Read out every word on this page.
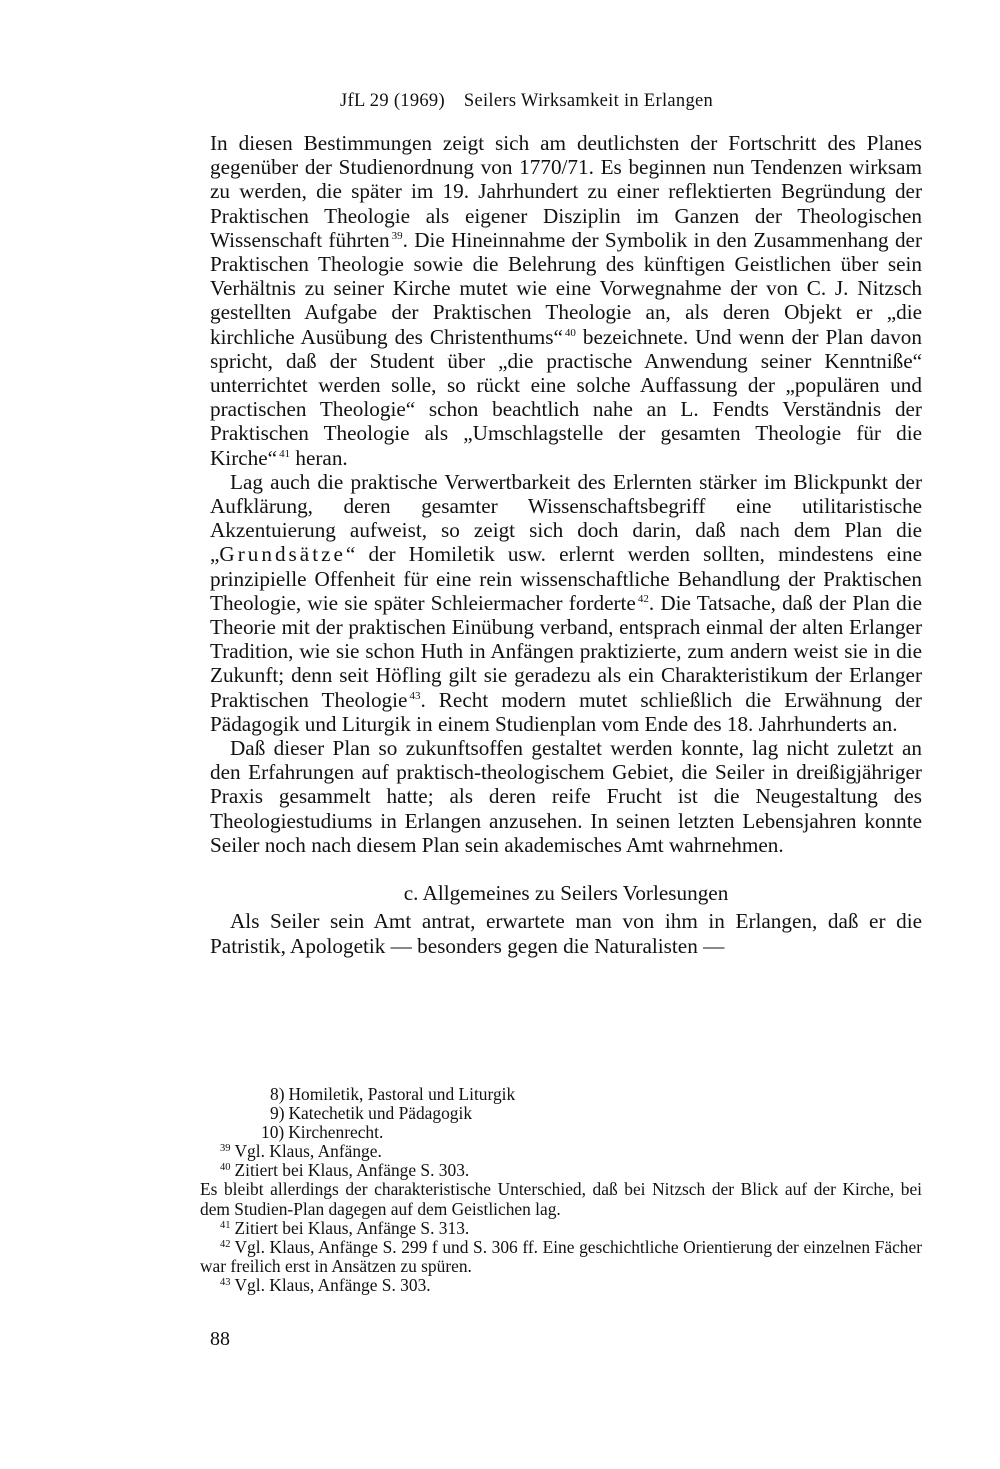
JfL 29 (1969) Seilers Wirksamkeit in Erlangen

In diesen Bestimmungen zeigt sich am deutlichsten der Fortschritt des Planes gegenüber der Studienordnung von 1770/71. Es beginnen nun Tendenzen wirksam zu werden, die später im 19. Jahrhundert zu einer reflektierten Begründung der Praktischen Theologie als eigener Disziplin im Ganzen der Theologischen Wissenschaft führten $^{39}$. Die Hineinnahme der Symbolik in den Zusammenhang der Praktischen Theologie sowie die Belehrung des künftigen Geistlichen über sein Verhältnis zu seiner Kirche mutet wie eine Vorwegnahme der von C. J. Nitzsch gestellten Aufgabe der Praktischen Theologie an, als deren Objekt er „die kirchliche Ausübung des Christenthums“ $^{40}$ bezeichnete. Und wenn der Plan davon spricht, daß der Student über „die practische Anwendung seiner Kenntniße“ unterrichtet werden solle, so rückt eine solche Auffassung der „populären und practischen Theologie“ schon beachtlich nahe an L. Fendts Verständnis der Praktischen Theologie als „Umschlagstelle der gesamten Theologie für die Kirche“ $^{41}$ heran.

Lag auch die praktische Verwertbarkeit des Erlernten stärker im Blickpunkt der Aufklärung, deren gesamter Wissenschaftsbegriff eine utilitaristische Akzentuierung aufweist, so zeigt sich doch darin, daß nach dem Plan die „Grundsätze“ der Homiletik usw. erlernt werden sollten, mindestens eine prinzipielle Offenheit für eine rein wissenschaftliche Behandlung der Praktischen Theologie, wie sie später Schleiermacher forderte $^{42}$. Die Tatsache, daß der Plan die Theorie mit der praktischen Einübung verband, entsprach einmal der alten Erlanger Tradition, wie sie schon Huth in Anfängen praktizierte, zum andern weist sie in die Zukunft; denn seit Höfling gilt sie geradezu als ein Charakteristikum der Erlanger Praktischen Theologie $^{43}$. Recht modern mutet schließlich die Erwähnung der Pädagogik und Liturgik in einem Studienplan vom Ende des 18. Jahrhunderts an.

Daß dieser Plan so zukunftsoffen gestaltet werden konnte, lag nicht zuletzt an den Erfahrungen auf praktisch-theologischem Gebiet, die Seiler in dreißigjähriger Praxis gesammelt hatte; als deren reife Frucht ist die Neugestaltung des Theologiestudiums in Erlangen anzusehen. In seinen letzten Lebensjahren konnte Seiler noch nach diesem Plan sein akademisches Amt wahrnehmen.

c. Allgemeines zu Seilers Vorlesungen

Als Seiler sein Amt antrat, erwartete man von ihm in Erlangen, daß er die Patristik, Apologetik — besonders gegen die Naturalisten —

8) Homiletik, Pastoral und Liturgik
9) Katechetik und Pädagogik
10) Kirchenrecht.
$^{39}$ Vgl. Klaus, Anfänge.
$^{40}$ Zitiert bei Klaus, Anfänge S. 303.
Es bleibt allerdings der charakteristische Unterschied, daß bei Nitzsch der Blick auf der Kirche, bei dem Studien-Plan dagegen auf dem Geistlichen lag.
$^{41}$ Zitiert bei Klaus, Anfänge S. 313.
$^{42}$ Vgl. Klaus, Anfänge S. 299 f und S. 306 ff. Eine geschichtliche Orientierung der einzelnen Fächer war freilich erst in Ansätzen zu spüren.
$^{43}$ Vgl. Klaus, Anfänge S. 303.
88
